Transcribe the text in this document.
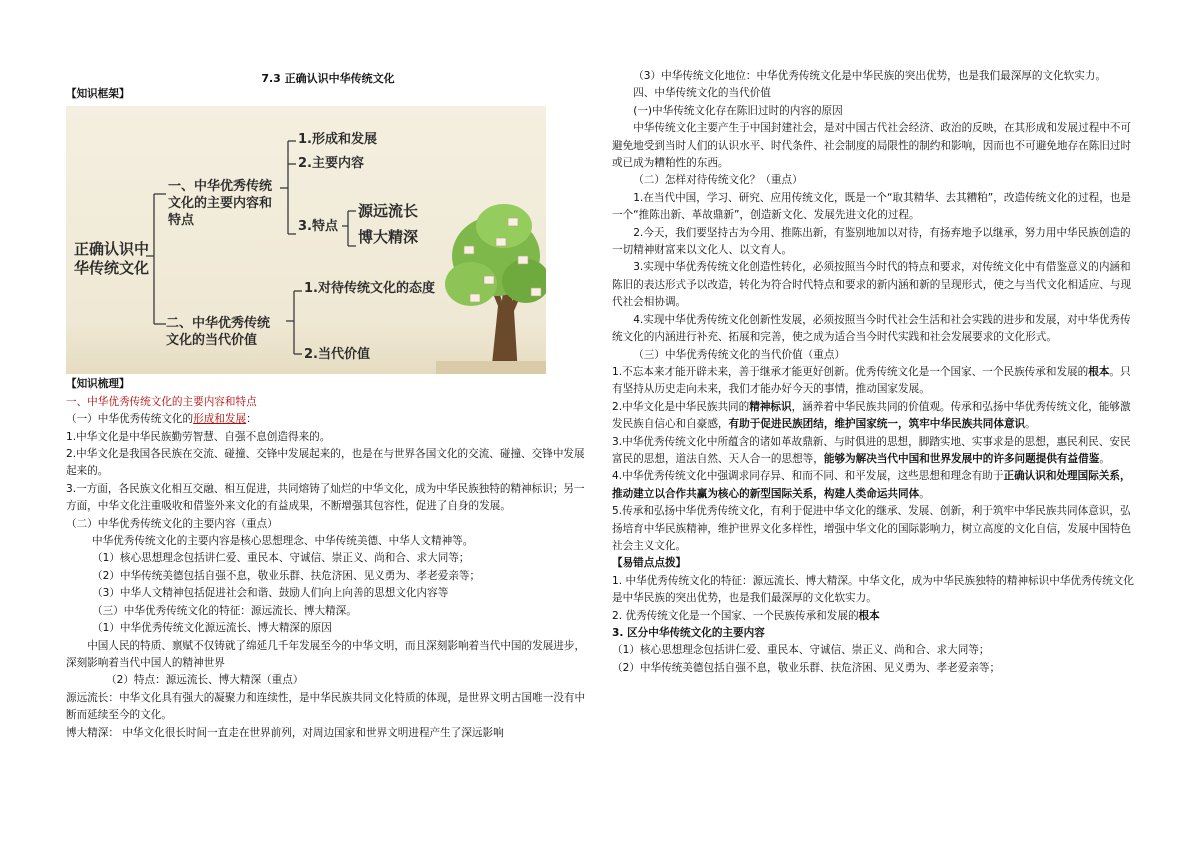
7.3 正确认识中华传统文化

【知识框架】

正确认识中
华传统文化
一、中华优秀传统
文化的主要内容和
特点
1.形成和发展
2.主要内容
3.特点
源远流长
博大精深
二、中华优秀传统
文化的当代价值
1.对待传统文化的态度
2.当代价值

【知识梳理】

一、中华优秀传统文化的主要内容和特点

（一）中华优秀传统文化的形成和发展：

1.中华文化是中华民族勤劳智慧、自强不息创造得来的。

2.中华文化是我国各民族在交流、碰撞、交锋中发展起来的，也是在与世界各国文化的交流、碰撞、交锋中发展起来的。

3.一方面，各民族文化相互交融、相互促进，共同熔铸了灿烂的中华文化，成为中华民族独特的精神标识；另一方面，中华文化注重吸收和借鉴外来文化的有益成果，不断增强其包容性，促进了自身的发展。

（二）中华优秀传统文化的主要内容（重点）

中华优秀传统文化的主要内容是核心思想理念、中华传统美德、中华人文精神等。

（1）核心思想理念包括讲仁爱、重民本、守诚信、崇正义、尚和合、求大同等；

（2）中华传统美德包括自强不息，敬业乐群、扶危济困、见义勇为、孝老爱亲等；

（3）中华人文精神包括促进社会和谐、鼓励人们向上向善的思想文化内容等

（三）中华优秀传统文化的特征：源远流长、博大精深。

（1）中华优秀传统文化源远流长、博大精深的原因

中国人民的特质、禀赋不仅铸就了绵延几千年发展至今的中华文明，而且深刻影响着当代中国的发展进步，深刻影响着当代中国人的精神世界

（2）特点：源远流长、博大精深（重点）

源远流长：中华文化具有强大的凝聚力和连续性，是中华民族共同文化特质的体现，是世界文明古国唯一没有中断而延续至今的文化。

博大精深： 中华文化很长时间一直走在世界前列，对周边国家和世界文明进程产生了深远影响

（3）中华传统文化地位：中华优秀传统文化是中华民族的突出优势，也是我们最深厚的文化软实力。

四、中华传统文化的当代价值

(一)中华传统文化存在陈旧过时的内容的原因

中华传统文化主要产生于中国封建社会，是对中国古代社会经济、政治的反映，在其形成和发展过程中不可避免地受到当时人们的认识水平、时代条件、社会制度的局限性的制约和影响，因而也不可避免地存在陈旧过时或已成为糟粕性的东西。

（二）怎样对待传统文化？（重点）

1.在当代中国，学习、研究、应用传统文化，既是一个“取其精华、去其糟粕”，改造传统文化的过程，也是一个“推陈出新、革故鼎新”，创造新文化、发展先进文化的过程。

2.今天，我们要坚持古为今用、推陈出新，有鉴别地加以对待，有扬弃地予以继承，努力用中华民族创造的一切精神财富来以文化人、以文育人。

3.实现中华优秀传统文化创造性转化，必须按照当今时代的特点和要求，对传统文化中有借鉴意义的内涵和陈旧的表达形式予以改造，转化为符合时代特点和要求的新内涵和新的呈现形式，使之与当代文化相适应、与现代社会相协调。

4.实现中华优秀传统文化创新性发展，必须按照当今时代社会生活和社会实践的进步和发展，对中华优秀传统文化的内涵进行补充、拓展和完善，使之成为适合当今时代实践和社会发展要求的文化形式。

（三）中华优秀传统文化的当代价值（重点）

1.不忘本来才能开辟未来，善于继承才能更好创新。优秀传统文化是一个国家、一个民族传承和发展的根本。只有坚持从历史走向未来，我们才能办好今天的事情，推动国家发展。

2.中华文化是中华民族共同的精神标识，涵养着中华民族共同的价值观。传承和弘扬中华优秀传统文化，能够激发民族自信心和自豪感，有助于促进民族团结，维护国家统一，筑牢中华民族共同体意识。

3.中华优秀传统文化中所蕴含的诸如革故鼎新、与时俱进的思想，脚踏实地、实事求是的思想，惠民利民、安民富民的思想，道法自然、天人合一的思想等，能够为解决当代中国和世界发展中的许多问题提供有益借鉴。

4.中华优秀传统文化中强调求同存异、和而不同、和平发展，这些思想和理念有助于正确认识和处理国际关系，推动建立以合作共赢为核心的新型国际关系，构建人类命运共同体。

5.传承和弘扬中华优秀传统文化，有利于促进中华文化的继承、发展、创新，利于筑牢中华民族共同体意识，弘扬培育中华民族精神，维护世界文化多样性，增强中华文化的国际影响力，树立高度的文化自信，发展中国特色社会主义文化。

【易错点点拨】

1. 中华优秀传统文化的特征：源远流长、博大精深。中华文化，成为中华民族独特的精神标识中华优秀传统文化是中华民族的突出优势，也是我们最深厚的文化软实力。

2. 优秀传统文化是一个国家、一个民族传承和发展的根本

3. 区分中华传统文化的主要内容

（1）核心思想理念包括讲仁爱、重民本、守诚信、崇正义、尚和合、求大同等；

（2）中华传统美德包括自强不息，敬业乐群、扶危济困、见义勇为、孝老爱亲等；
